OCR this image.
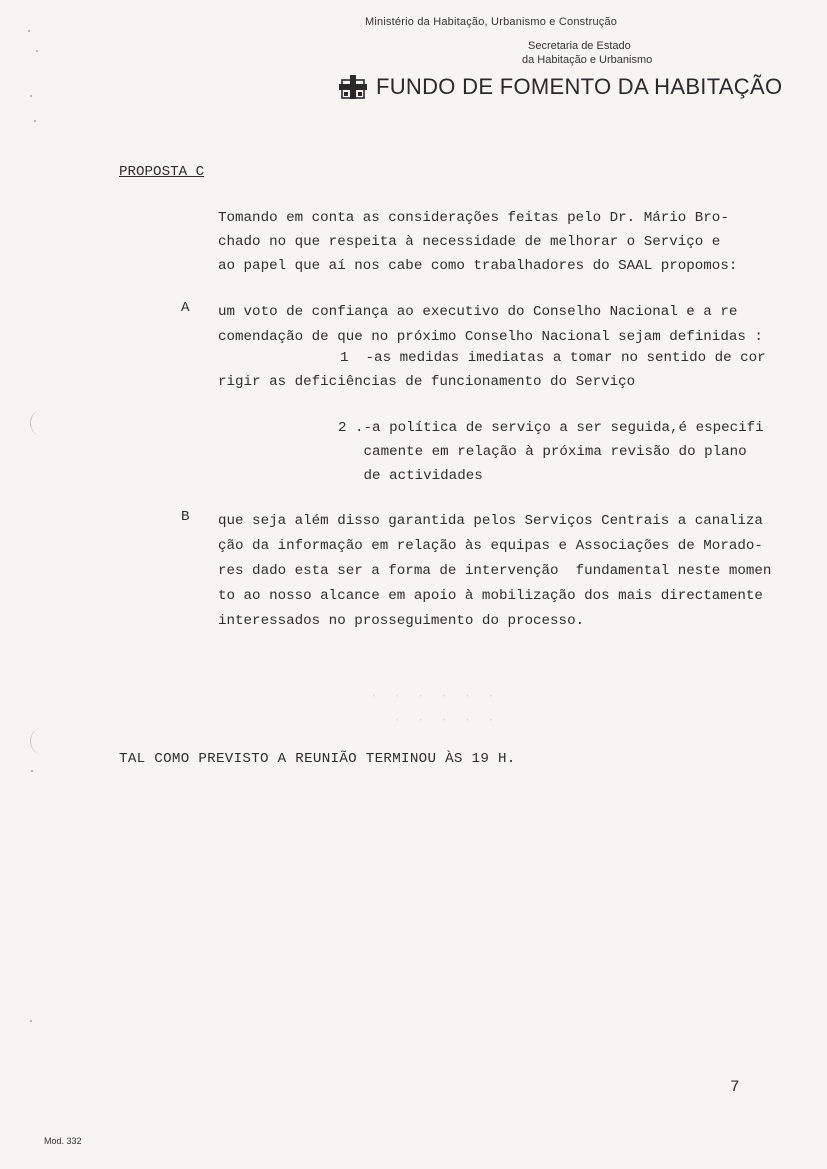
Ministério da Habitação, Urbanismo e Construção
Secretaria de Estado
da Habitação e Urbanismo
FUNDO DE FOMENTO DA HABITAÇÃO
PROPOSTA C
Tomando em conta as considerações feitas pelo Dr. Mário Bro-
chado no que respeita à necessidade de melhorar o Serviço e
ao papel que aí nos cabe como trabalhadores do SAAL propomos:
A um voto de confiança ao executivo do Conselho Nacional e a re
comendação de que no próximo Conselho Nacional sejam definidas :
1  -as medidas imediatas a tomar no sentido de cor
rigir as deficiências de funcionamento do Serviço
2 .-a política de serviço a ser seguida,é especifi
camente em relação à próxima revisão do plano
de actividades
B que seja além disso garantida pelos Serviços Centrais a canaliza
ção da informação em relação às equipas e Associações de Morado-
res dado esta ser a forma de intervenção  fundamental neste momen
to ao nosso alcance em apoio à mobilização dos mais directamente
interessados no prosseguimento do processo.
·  ·  ·  ·  ·  ·
·  ·  ·  ·  ·
TAL COMO PREVISTO A REUNIÃO TERMINOU ÀS 19 H.
7
Mod. 332
